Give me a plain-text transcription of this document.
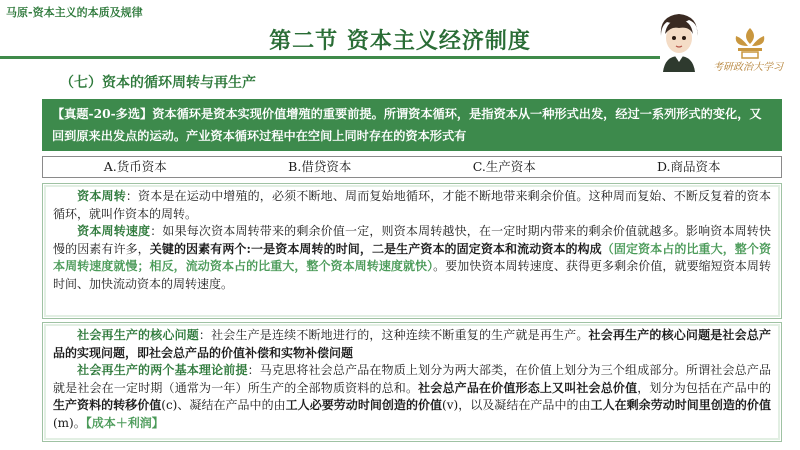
马原-资本主义的本质及规律
第二节 资本主义经济制度
考研政治大学习
（七）资本的循环周转与再生产
【真题-20-多选】资本循环是资本实现价值增殖的重要前提。所谓资本循环，是指资本从一种形式出发，经过一系列形式的变化，又回到原来出发点的运动。产业资本循环过程中在空间上同时存在的资本形式有
A.货币资本	B.借贷资本	C.生产资本	D.商品资本
资本周转：资本是在运动中增殖的，必须不断地、周而复始地循环，才能不断地带来剩余价值。这种周而复始、不断反复着的资本循环，就叫作资本的周转。
资本周转速度：如果每次资本周转带来的剩余价值一定，则资本周转越快，在一定时期内带来的剩余价值就越多。影响资本周转快慢的因素有许多，关键的因素有两个:一是资本周转的时间，二是生产资本的固定资本和流动资本的构成（固定资本占的比重大，整个资本周转速度就慢；相反，流动资本占的比重大，整个资本周转速度就快）。要加快资本周转速度、获得更多剩余价值，就要缩短资本周转时间、加快流动资本的周转速度。
社会再生产的核心问题：社会生产是连续不断地进行的，这种连续不断重复的生产就是再生产。社会再生产的核心问题是社会总产品的实现问题，即社会总产品的价值补偿和实物补偿问题
社会再生产的两个基本理论前提：马克思将社会总产品在物质上划分为两大部类，在价值上划分为三个组成部分。所谓社会总产品就是社会在一定时期（通常为一年）所生产的全部物质资料的总和。社会总产品在价值形态上又叫社会总价值，划分为包括在产品中的生产资料的转移价值(c)、凝结在产品中的由工人必要劳动时间创造的价值(v)，以及凝结在产品中的由工人在剩余劳动时间里创造的价值(m)。【成本＋利润】
